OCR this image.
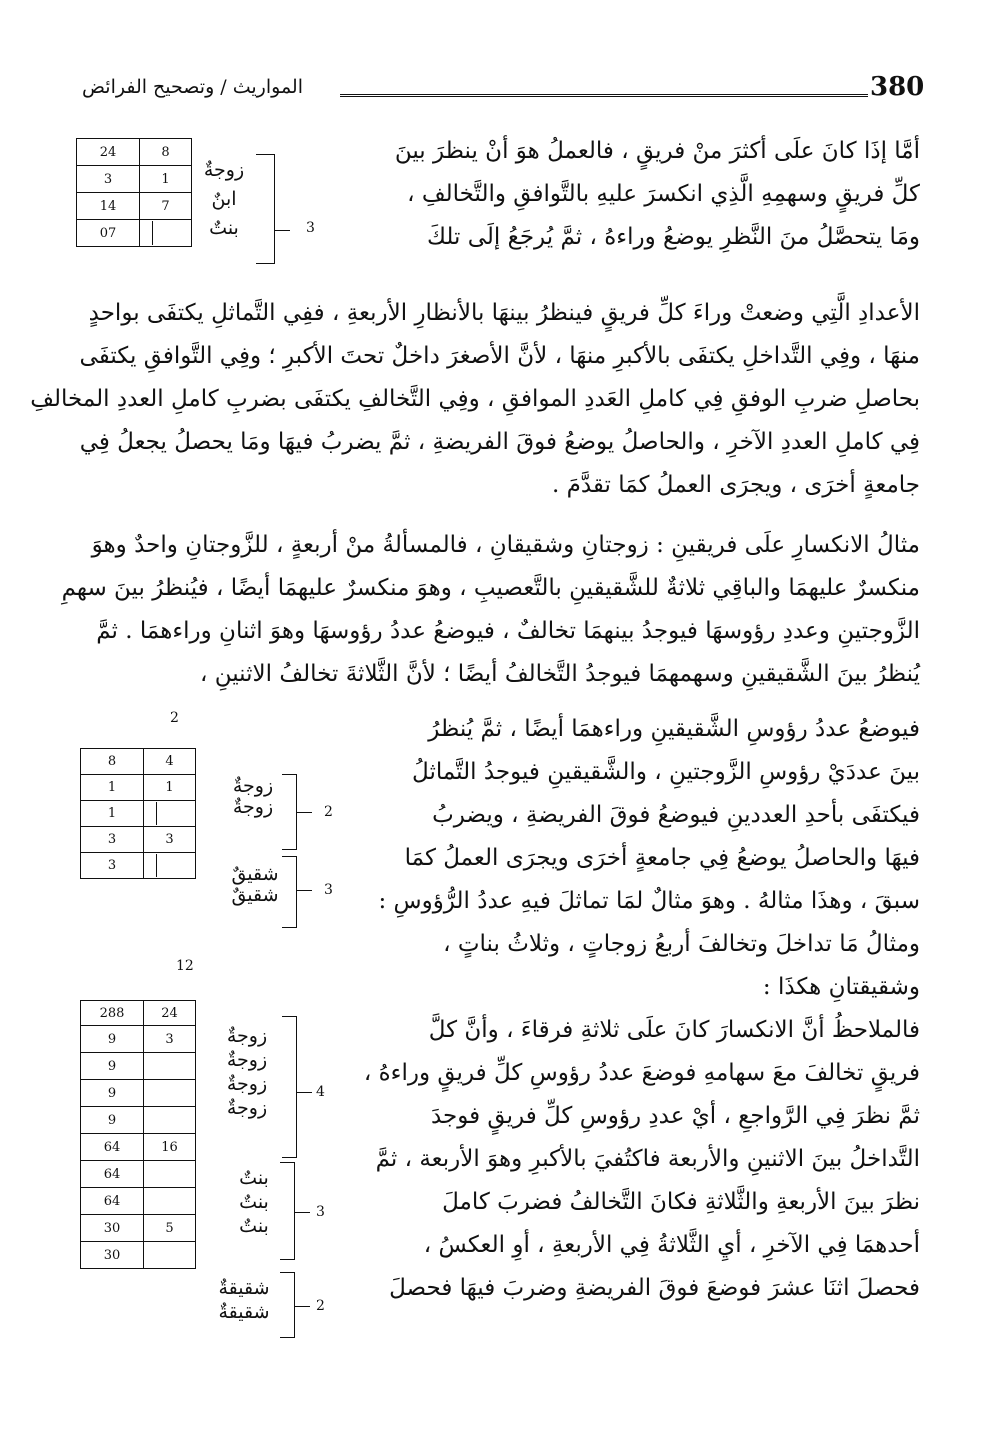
380
المواريث / وتصحيح الفرائض
أمَّا إذَا كانَ علَى أكثرَ منْ فريقٍ ، فالعملُ هوَ أنْ ينظرَ بينَ
كلِّ فريقٍ وسهمِهِ الَّذِي انكسرَ عليهِ بالتَّوافقِ والتَّخالفِ ،
ومَا يتحصَّلُ منَ النَّظرِ يوضعُ وراءهُ ، ثمَّ يُرجَعُ إلَى تلكَ
24	8
3	1
14	7
07	
زوجةٌ
ابنٌ
بنتٌ	3
الأعدادِ الَّتِي وضعتْ وراءَ كلِّ فريقٍ فينظرُ بينهَا بالأنظارِ الأربعةِ ، ففِي التَّماثلِ يكتفَى بواحدٍ
منهَا ، وفِي التَّداخلِ يكتفَى بالأكبرِ منهَا ، لأنَّ الأصغرَ داخلٌ تحتَ الأكبرِ ؛ وفِي التَّوافقِ يكتفَى
بحاصلِ ضربِ الوفقِ فِي كاملِ العَددِ الموافقِ ، وفِي التَّخالفِ يكتفَى بضربِ كاملِ العددِ المخالفِ
فِي كاملِ العددِ الآخرِ ، والحاصلُ يوضعُ فوقَ الفريضةِ ، ثمَّ يضربُ فيهَا ومَا يحصلُ يجعلُ فِي
جامعةٍ أخرَى ، ويجرَى العملُ كمَا تقدَّمَ .
مثالُ الانكسارِ علَى فريقينِ : زوجتانِ وشقيقانِ ، فالمسألةُ منْ أربعةٍ ، للزَّوجتانِ واحدٌ وهوَ
منكسرٌ عليهمَا والباقِي ثلاثةٌ للشَّقيقينِ بالتَّعصيبِ ، وهوَ منكسرٌ عليهمَا أيضًا ، فيُنظرُ بينَ سهمِ
الزَّوجتينِ وعددِ رؤوسهَا فيوجدُ بينهمَا تخالفٌ ، فيوضعُ عددُ رؤوسهَا وهوَ اثنانِ وراءهمَا . ثمَّ
يُنظرُ بينَ الشَّقيقينِ وسهمهمَا فيوجدُ التَّخالفُ أيضًا ؛ لأنَّ الثَّلاثةَ تخالفُ الاثنينِ ،
فيوضعُ عددُ رؤوسِ الشَّقيقينِ وراءهمَا أيضًا ، ثمَّ يُنظرُ
بينَ عددَيْ رؤوسِ الزَّوجتينِ ، والشَّقيقينِ فيوجدُ التَّماثلُ
فيكتفَى بأحدِ العددينِ فيوضعُ فوقَ الفريضةِ ، ويضربُ
فيهَا والحاصلُ يوضعُ فِي جامعةٍ أخرَى ويجرَى العملُ كمَا
سبقَ ، وهذَا مثالهُ . وهوَ مثالٌ لمَا تماثلَ فيهِ عددُ الرُّؤوسِ :
ومثالُ مَا تداخلَ وتخالفَ أربعُ زوجاتٍ ، وثلاثُ بناتٍ ،
وشقيقتانِ هكذَا :
فالملاحظُ أنَّ الانكسارَ كانَ علَى ثلاثةِ فرقاءَ ، وأنَّ كلَّ
فريقٍ تخالفَ معَ سهامهِ فوضعَ عددُ رؤوسِ كلِّ فريقٍ وراءهُ ،
ثمَّ نظرَ فِي الرَّواجعِ ، أيْ عددِ رؤوسِ كلِّ فريقٍ فوجدَ
التَّداخلُ بينَ الاثنينِ والأربعة فاكتُفيَ بالأكبرِ وهوَ الأربعة ، ثمَّ
نظرَ بينَ الأربعةِ والثَّلاثةِ فكانَ التَّخالفُ فضربَ كاملَ
أحدهمَا فِي الآخرِ ، أيِ الثَّلاثةُ فِي الأربعةِ ، أوِ العكسُ ،
فحصلَ اثنَا عشرَ فوضعَ فوقَ الفريضةِ وضربَ فيهَا فحصلَ
2
8	4
1	1
1	
3	3
3	
زوجةٌ
زوجةٌ	2
شقيقٌ
شقيقٌ	3
12
288	24
9	3
9	
9	
9	
64	16
64	
64	
30	5
30	
زوجةٌ
زوجةٌ
زوجةٌ
زوجةٌ
4
بنتٌ
بنتٌ
بنتٌ
3
شقيقةٌ
شقيقةٌ	2
